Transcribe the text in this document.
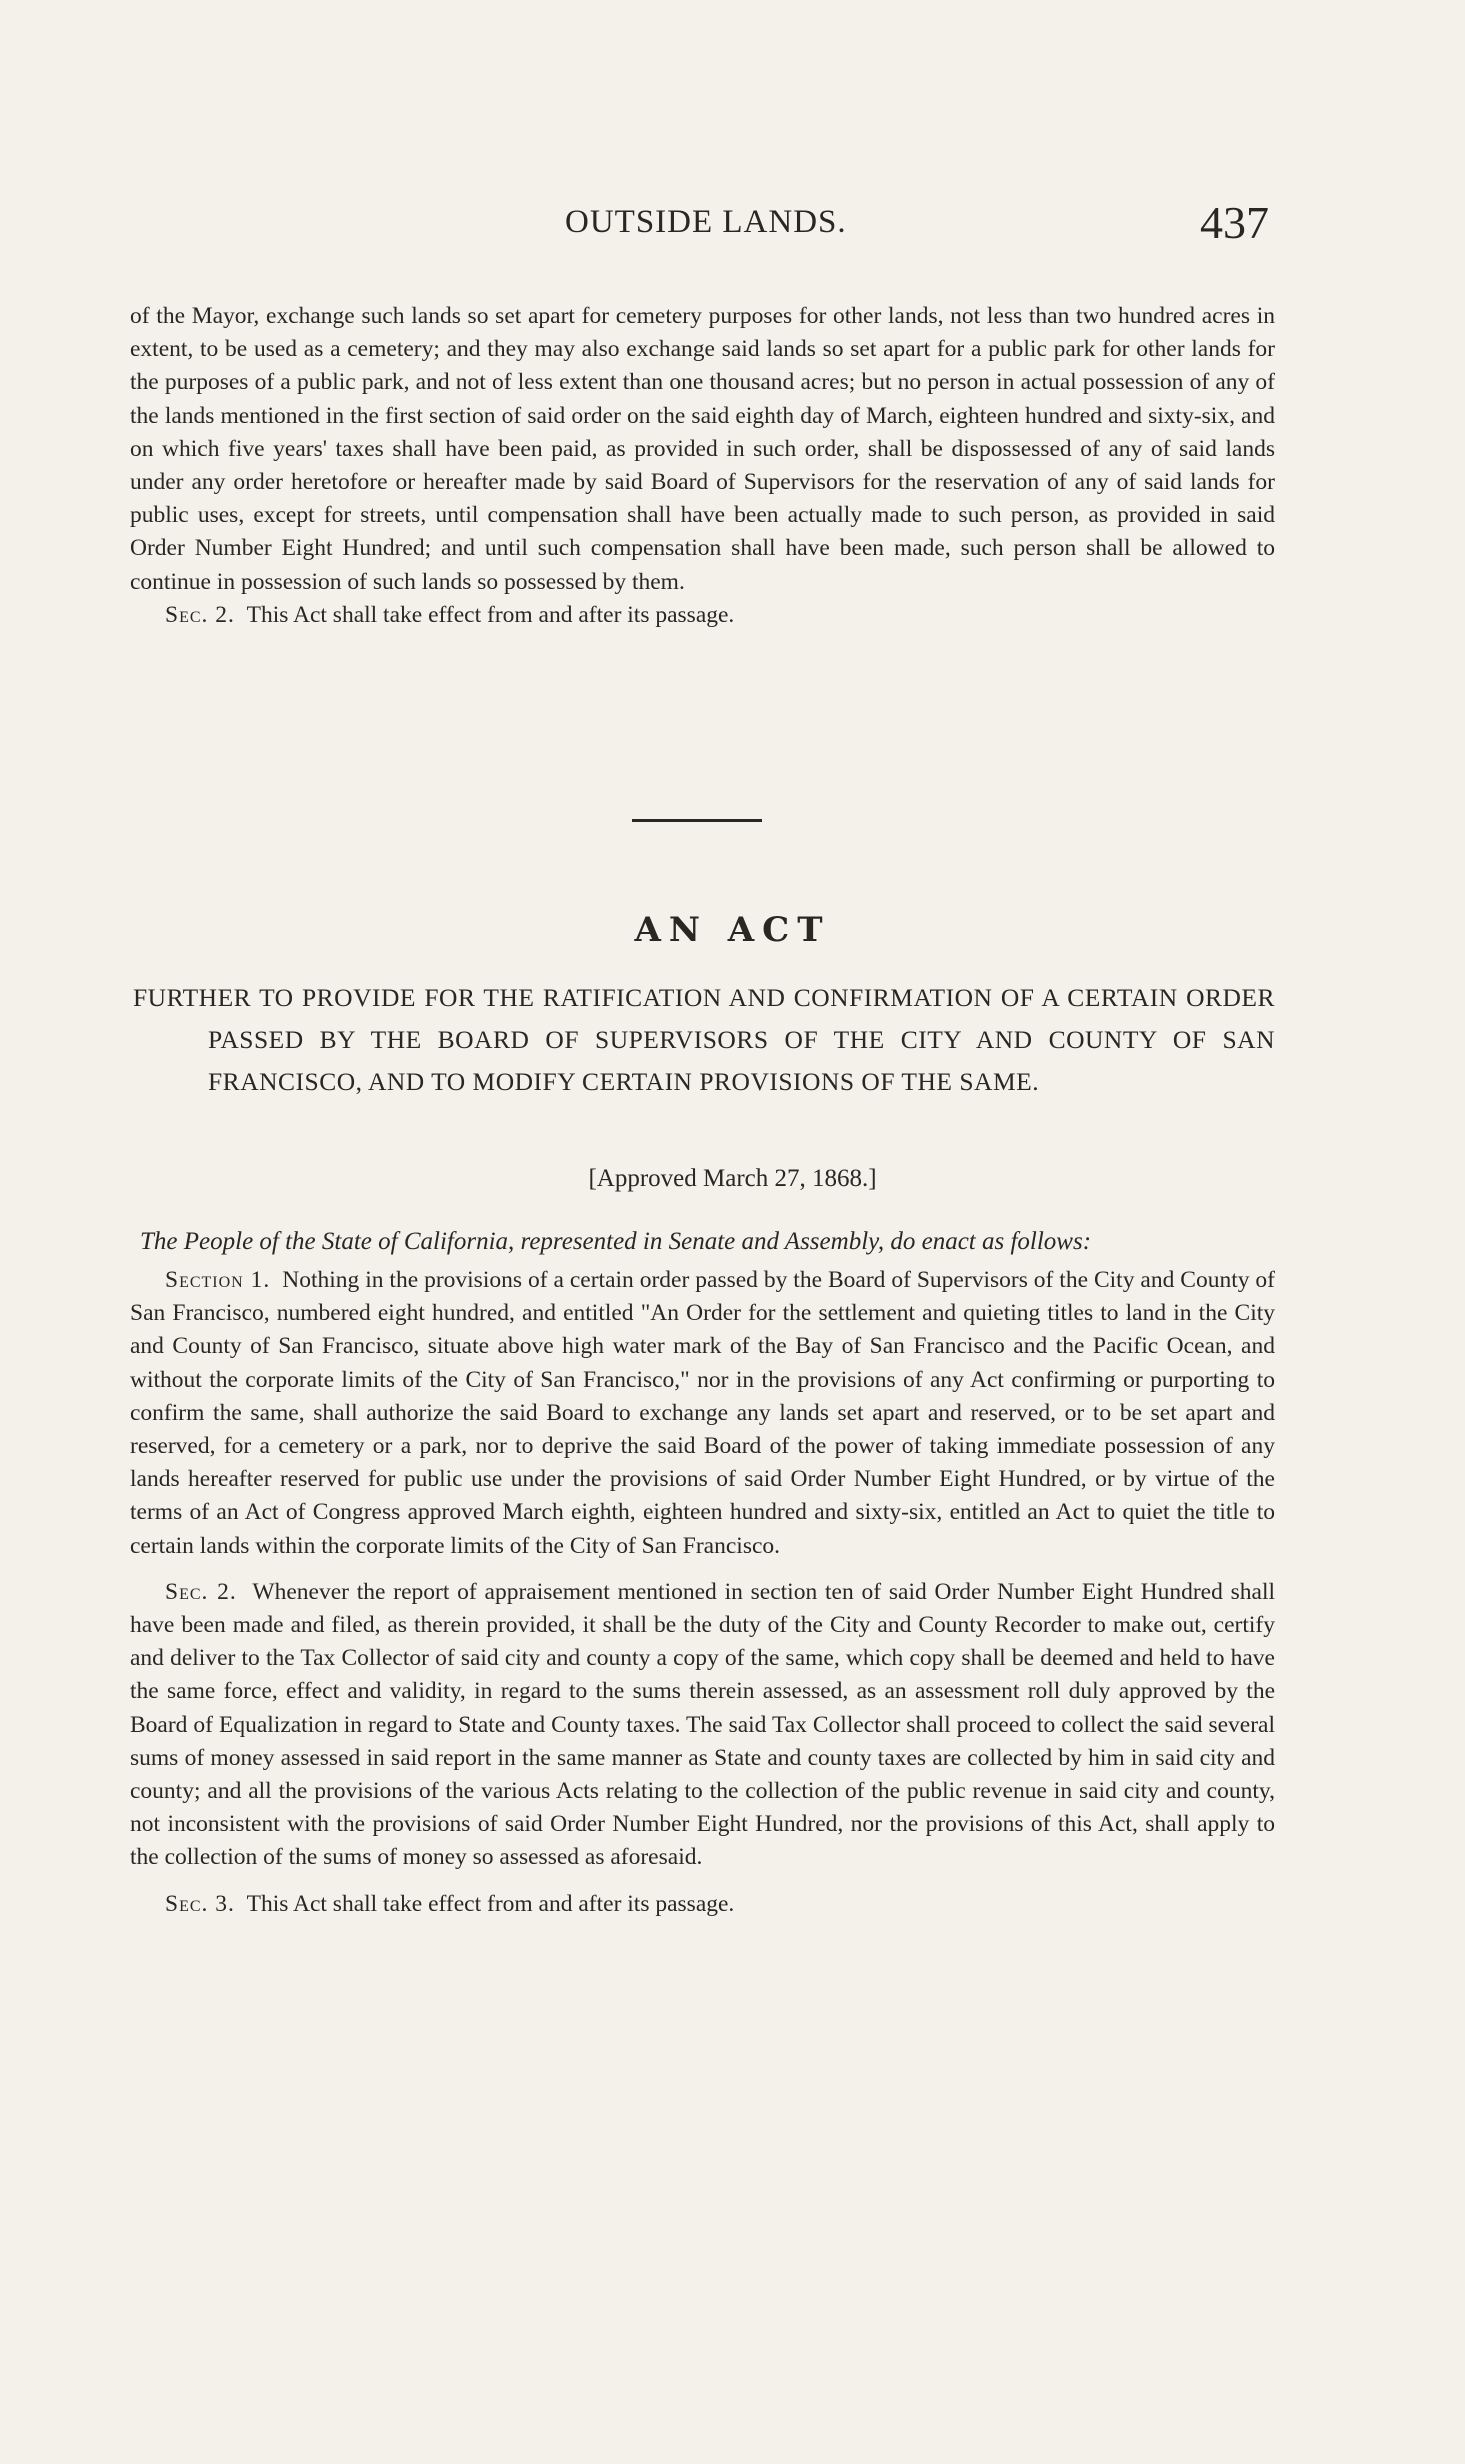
OUTSIDE LANDS.	437

of the Mayor, exchange such lands so set apart for cemetery purposes for other lands, not less than two hundred acres in extent, to be used as a cemetery; and they may also exchange said lands so set apart for a public park for other lands for the purposes of a public park, and not of less extent than one thousand acres; but no person in actual possession of any of the lands mentioned in the first section of said order on the said eighth day of March, eighteen hundred and sixty-six, and on which five years' taxes shall have been paid, as provided in such order, shall be dispossessed of any of said lands under any order heretofore or hereafter made by said Board of Supervisors for the reservation of any of said lands for public uses, except for streets, until compensation shall have been actually made to such person, as provided in said Order Number Eight Hundred; and until such compensation shall have been made, such person shall be allowed to continue in possession of such lands so possessed by them.

Sec. 2. This Act shall take effect from and after its passage.

AN ACT

FURTHER TO PROVIDE FOR THE RATIFICATION AND CONFIRMATION OF A CERTAIN ORDER PASSED BY THE BOARD OF SUPERVISORS OF THE CITY AND COUNTY OF SAN FRANCISCO, AND TO MODIFY CERTAIN PROVISIONS OF THE SAME.

[Approved March 27, 1868.]
The People of the State of California, represented in Senate and Assembly, do enact as follows:

Section 1. Nothing in the provisions of a certain order passed by the Board of Supervisors of the City and County of San Francisco, numbered eight hundred, and entitled "An Order for the settlement and quieting titles to land in the City and County of San Francisco, situate above high water mark of the Bay of San Francisco and the Pacific Ocean, and without the corporate limits of the City of San Francisco," nor in the provisions of any Act confirming or purporting to confirm the same, shall authorize the said Board to exchange any lands set apart and reserved, or to be set apart and reserved, for a cemetery or a park, nor to deprive the said Board of the power of taking immediate possession of any lands hereafter reserved for public use under the provisions of said Order Number Eight Hundred, or by virtue of the terms of an Act of Congress approved March eighth, eighteen hundred and sixty-six, entitled an Act to quiet the title to certain lands within the corporate limits of the City of San Francisco.

Sec. 2. Whenever the report of appraisement mentioned in section ten of said Order Number Eight Hundred shall have been made and filed, as therein provided, it shall be the duty of the City and County Recorder to make out, certify and deliver to the Tax Collector of said city and county a copy of the same, which copy shall be deemed and held to have the same force, effect and validity, in regard to the sums therein assessed, as an assessment roll duly approved by the Board of Equalization in regard to State and County taxes. The said Tax Collector shall proceed to collect the said several sums of money assessed in said report in the same manner as State and county taxes are collected by him in said city and county; and all the provisions of the various Acts relating to the collection of the public revenue in said city and county, not inconsistent with the provisions of said Order Number Eight Hundred, nor the provisions of this Act, shall apply to the collection of the sums of money so assessed as aforesaid.

Sec. 3. This Act shall take effect from and after its passage.
